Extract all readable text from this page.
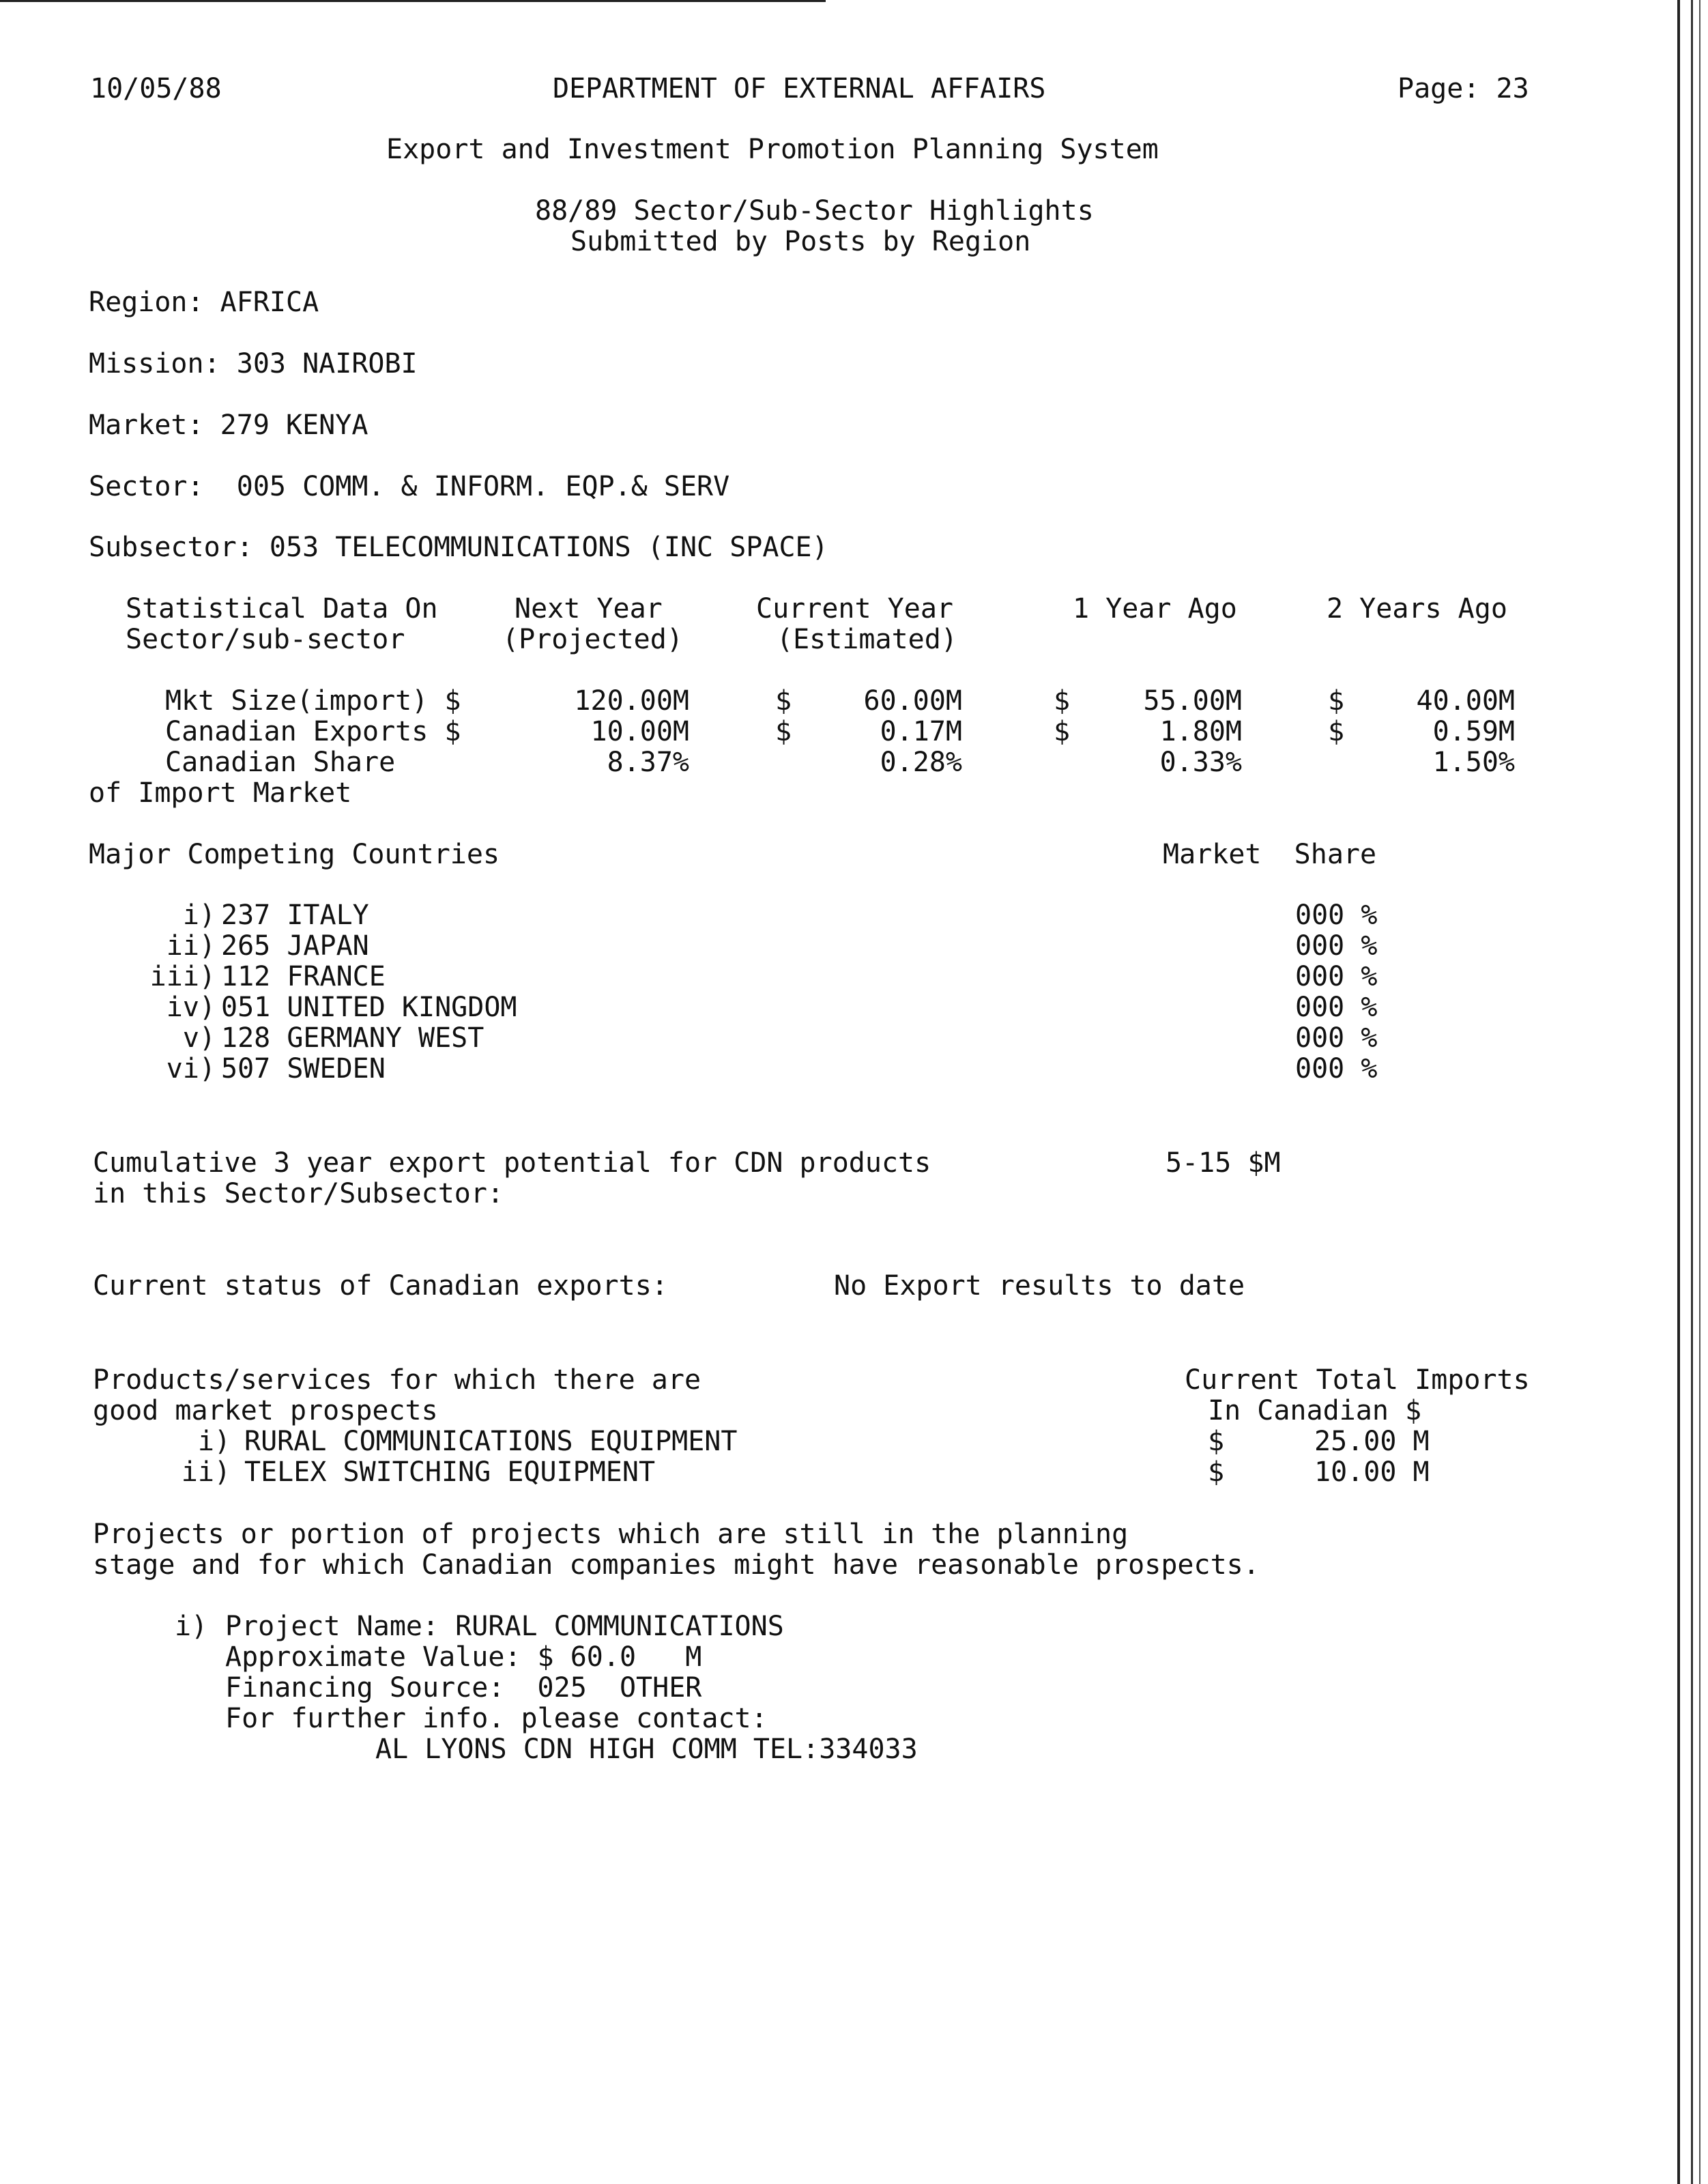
10/05/88	DEPARTMENT OF EXTERNAL AFFAIRS	Page: 23
Export and Investment Promotion Planning System
88/89 Sector/Sub-Sector Highlights
Submitted by Posts by Region
Region: AFRICA
Mission: 303 NAIROBI
Market: 279 KENYA
Sector:  005 COMM. & INFORM. EQP.& SERV
Subsector: 053 TELECOMMUNICATIONS (INC SPACE)
Statistical Data On	Next Year	Current Year	1 Year Ago	2 Years Ago
Sector/sub-sector	(Projected)	(Estimated)
Mkt Size(import) $	120.00M	$	60.00M	$	55.00M	$	40.00M
Canadian Exports $	10.00M	$	0.17M	$	1.80M	$	0.59M
Canadian Share	8.37%	0.28%	0.33%	1.50%
of Import Market
Major Competing Countries	Market  Share
i) 237 ITALY	000 %
ii) 265 JAPAN	000 %
iii) 112 FRANCE	000 %
iv) 051 UNITED KINGDOM	000 %
v) 128 GERMANY WEST	000 %
vi) 507 SWEDEN	000 %
Cumulative 3 year export potential for CDN products
in this Sector/Subsector:
5-15 $M
Current status of Canadian exports:	No Export results to date
Products/services for which there are
good market prospects
Current Total Imports
In Canadian $
i) RURAL COMMUNICATIONS EQUIPMENT	$	25.00 M
ii) TELEX SWITCHING EQUIPMENT	$	10.00 M
Projects or portion of projects which are still in the planning
stage and for which Canadian companies might have reasonable prospects.
i) Project Name: RURAL COMMUNICATIONS
Approximate Value: $ 60.0   M
Financing Source:  025  OTHER
For further info. please contact:
AL LYONS CDN HIGH COMM TEL:334033
